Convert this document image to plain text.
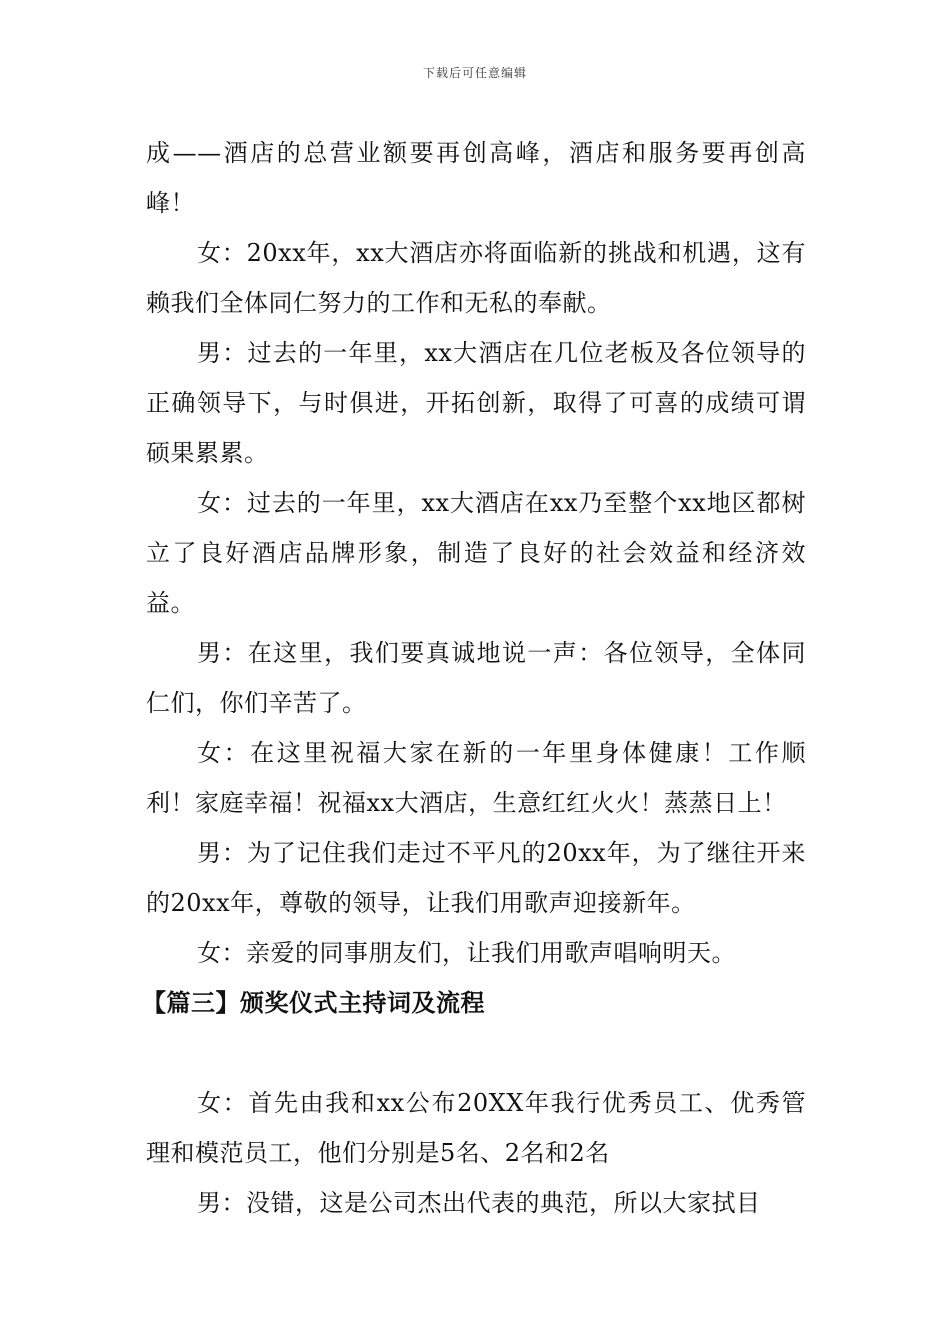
下载后可任意编辑

成——酒店的总营业额要再创高峰，酒店和服务要再创高峰！

女：20xx年，xx大酒店亦将面临新的挑战和机遇，这有赖我们全体同仁努力的工作和无私的奉献。

男：过去的一年里，xx大酒店在几位老板及各位领导的正确领导下，与时俱进，开拓创新，取得了可喜的成绩可谓硕果累累。

女：过去的一年里，xx大酒店在xx乃至整个xx地区都树立了良好酒店品牌形象，制造了良好的社会效益和经济效益。

男：在这里，我们要真诚地说一声：各位领导，全体同仁们，你们辛苦了。

女：在这里祝福大家在新的一年里身体健康！工作顺利！家庭幸福！祝福xx大酒店，生意红红火火！蒸蒸日上！

男：为了记住我们走过不平凡的20xx年，为了继往开来的20xx年，尊敬的领导，让我们用歌声迎接新年。

女：亲爱的同事朋友们，让我们用歌声唱响明天。

【篇三】颁奖仪式主持词及流程

女：首先由我和xx公布20XX年我行优秀员工、优秀管理和模范员工，他们分别是5名、2名和2名

男：没错，这是公司杰出代表的典范，所以大家拭目
